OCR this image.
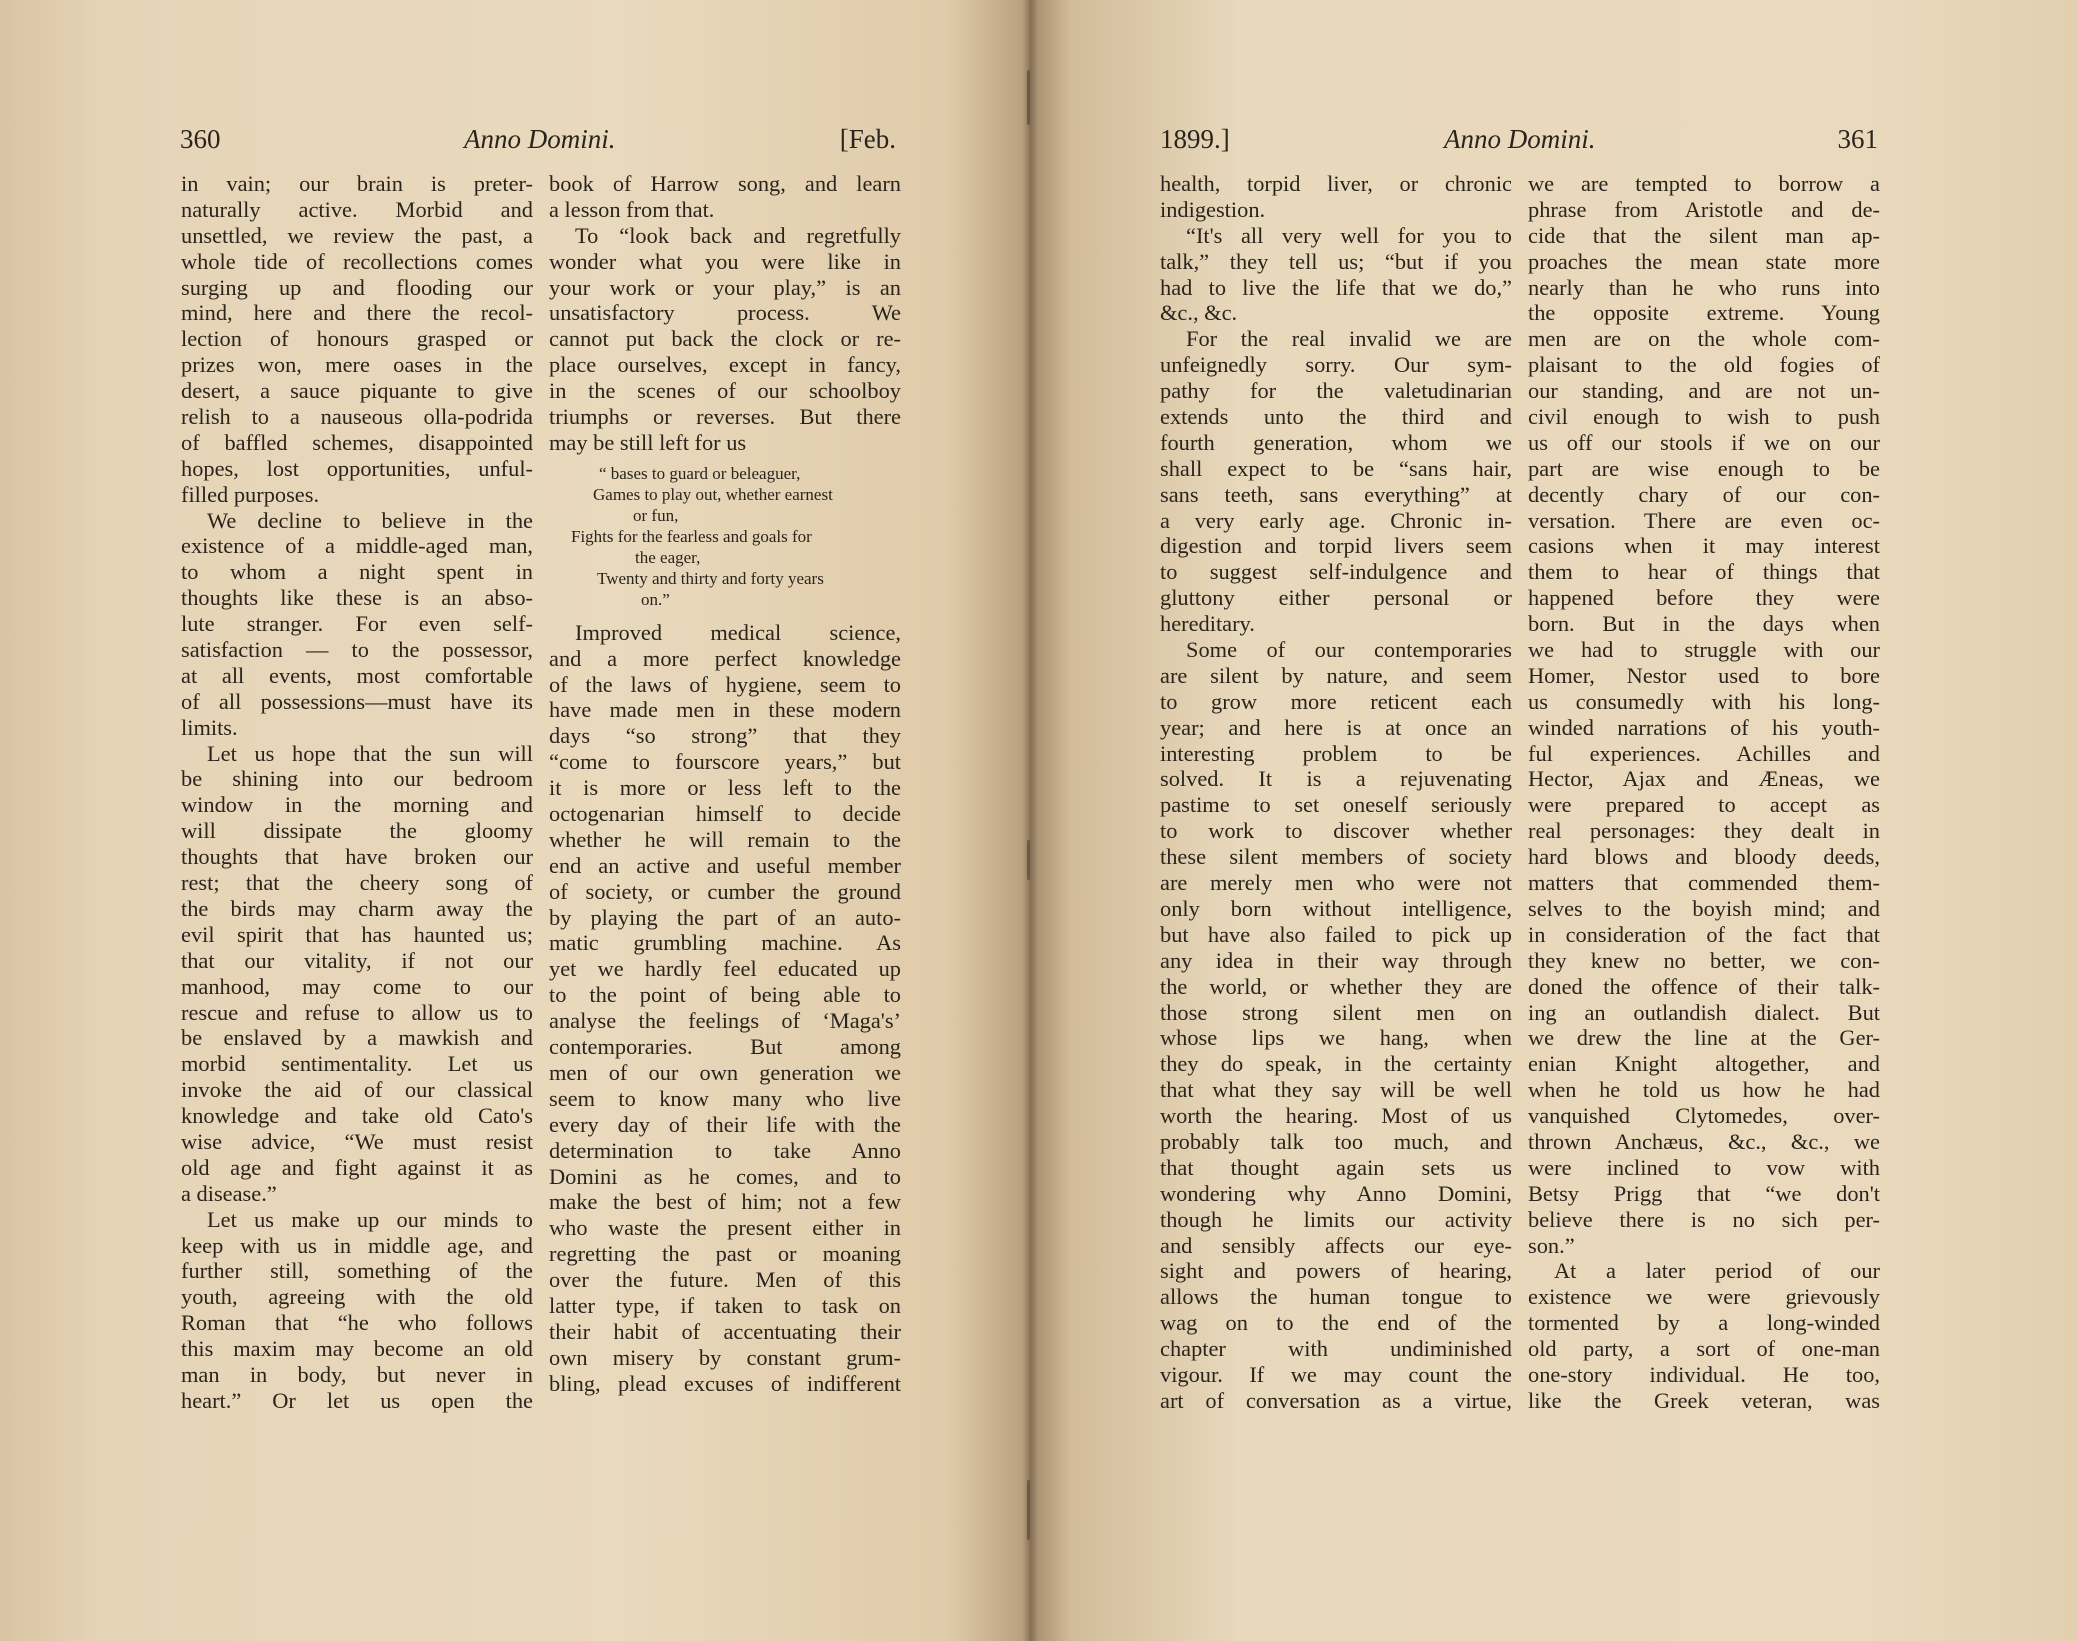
360	Anno Domini.	[Feb.	1899.]	Anno Domini.	361
in vain; our brain is preter-
naturally active. Morbid and
unsettled, we review the past, a
whole tide of recollections comes
surging up and flooding our
mind, here and there the recol-
lection of honours grasped or
prizes won, mere oases in the
desert, a sauce piquante to give
relish to a nauseous olla-podrida
of baffled schemes, disappointed
hopes, lost opportunities, unful-
filled purposes.
We decline to believe in the
existence of a middle-aged man,
to whom a night spent in
thoughts like these is an abso-
lute stranger. For even self-
satisfaction — to the possessor,
at all events, most comfortable
of all possessions—must have its
limits.
Let us hope that the sun will
be shining into our bedroom
window in the morning and
will dissipate the gloomy
thoughts that have broken our
rest; that the cheery song of
the birds may charm away the
evil spirit that has haunted us;
that our vitality, if not our
manhood, may come to our
rescue and refuse to allow us to
be enslaved by a mawkish and
morbid sentimentality. Let us
invoke the aid of our classical
knowledge and take old Cato's
wise advice, “We must resist
old age and fight against it as
a disease.”
Let us make up our minds to
keep with us in middle age, and
further still, something of the
youth, agreeing with the old
Roman that “he who follows
this maxim may become an old
man in body, but never in
heart.” Or let us open the
book of Harrow song, and learn
a lesson from that.
To “look back and regretfully
wonder what you were like in
your work or your play,” is an
unsatisfactory process. We
cannot put back the clock or re-
place ourselves, except in fancy,
in the scenes of our schoolboy
triumphs or reverses. But there
may be still left for us
“ bases to guard or beleaguer,
Games to play out, whether earnest
or fun,
Fights for the fearless and goals for
the eager,
Twenty and thirty and forty years
on.”
Improved medical science,
and a more perfect knowledge
of the laws of hygiene, seem to
have made men in these modern
days “so strong” that they
“come to fourscore years,” but
it is more or less left to the
octogenarian himself to decide
whether he will remain to the
end an active and useful member
of society, or cumber the ground
by playing the part of an auto-
matic grumbling machine. As
yet we hardly feel educated up
to the point of being able to
analyse the feelings of ‘Maga's’
contemporaries. But among
men of our own generation we
seem to know many who live
every day of their life with the
determination to take Anno
Domini as he comes, and to
make the best of him; not a few
who waste the present either in
regretting the past or moaning
over the future. Men of this
latter type, if taken to task on
their habit of accentuating their
own misery by constant grum-
bling, plead excuses of indifferent
health, torpid liver, or chronic
indigestion.
“It's all very well for you to
talk,” they tell us; “but if you
had to live the life that we do,”
&c., &c.
For the real invalid we are
unfeignedly sorry. Our sym-
pathy for the valetudinarian
extends unto the third and
fourth generation, whom we
shall expect to be “sans hair,
sans teeth, sans everything” at
a very early age. Chronic in-
digestion and torpid livers seem
to suggest self-indulgence and
gluttony either personal or
hereditary.
Some of our contemporaries
are silent by nature, and seem
to grow more reticent each
year; and here is at once an
interesting problem to be
solved. It is a rejuvenating
pastime to set oneself seriously
to work to discover whether
these silent members of society
are merely men who were not
only born without intelligence,
but have also failed to pick up
any idea in their way through
the world, or whether they are
those strong silent men on
whose lips we hang, when
they do speak, in the certainty
that what they say will be well
worth the hearing. Most of us
probably talk too much, and
that thought again sets us
wondering why Anno Domini,
though he limits our activity
and sensibly affects our eye-
sight and powers of hearing,
allows the human tongue to
wag on to the end of the
chapter with undiminished
vigour. If we may count the
art of conversation as a virtue,
we are tempted to borrow a
phrase from Aristotle and de-
cide that the silent man ap-
proaches the mean state more
nearly than he who runs into
the opposite extreme. Young
men are on the whole com-
plaisant to the old fogies of
our standing, and are not un-
civil enough to wish to push
us off our stools if we on our
part are wise enough to be
decently chary of our con-
versation. There are even oc-
casions when it may interest
them to hear of things that
happened before they were
born. But in the days when
we had to struggle with our
Homer, Nestor used to bore
us consumedly with his long-
winded narrations of his youth-
ful experiences. Achilles and
Hector, Ajax and Æneas, we
were prepared to accept as
real personages: they dealt in
hard blows and bloody deeds,
matters that commended them-
selves to the boyish mind; and
in consideration of the fact that
they knew no better, we con-
doned the offence of their talk-
ing an outlandish dialect. But
we drew the line at the Ger-
enian Knight altogether, and
when he told us how he had
vanquished Clytomedes, over-
thrown Anchæus, &c., &c., we
were inclined to vow with
Betsy Prigg that “we don't
believe there is no sich per-
son.”
At a later period of our
existence we were grievously
tormented by a long-winded
old party, a sort of one-man
one-story individual. He too,
like the Greek veteran, was
